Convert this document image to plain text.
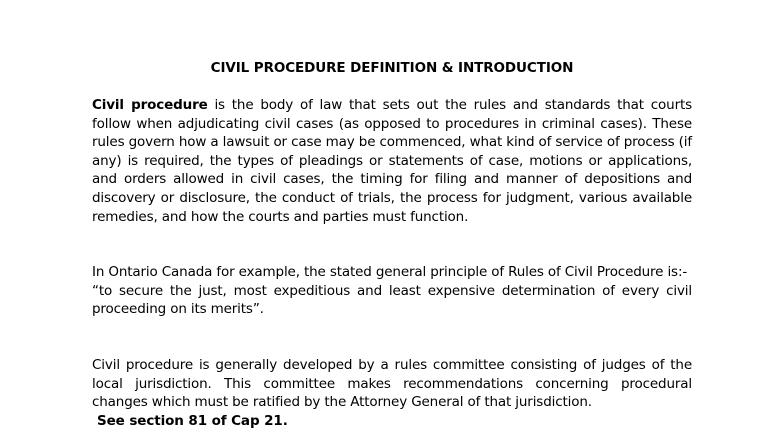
CIVIL PROCEDURE DEFINITION & INTRODUCTION
Civil procedure is the body of law that sets out the rules and standards that courts follow when adjudicating civil cases (as opposed to procedures in criminal cases). These rules govern how a lawsuit or case may be commenced, what kind of service of process (if any) is required, the types of pleadings or statements of case, motions or applications, and orders allowed in civil cases, the timing for filing and manner of depositions and discovery or disclosure, the conduct of trials, the process for judgment, various available remedies, and how the courts and parties must function.
In Ontario Canada for example, the stated general principle of Rules of Civil Procedure is:-
“to secure the just, most expeditious and least expensive determination of every civil proceeding on its merits”.
Civil procedure is generally developed by a rules committee consisting of judges of the local jurisdiction. This committee makes recommendations concerning procedural changes which must be ratified by the Attorney General of that jurisdiction.
See section 81 of Cap 21.
